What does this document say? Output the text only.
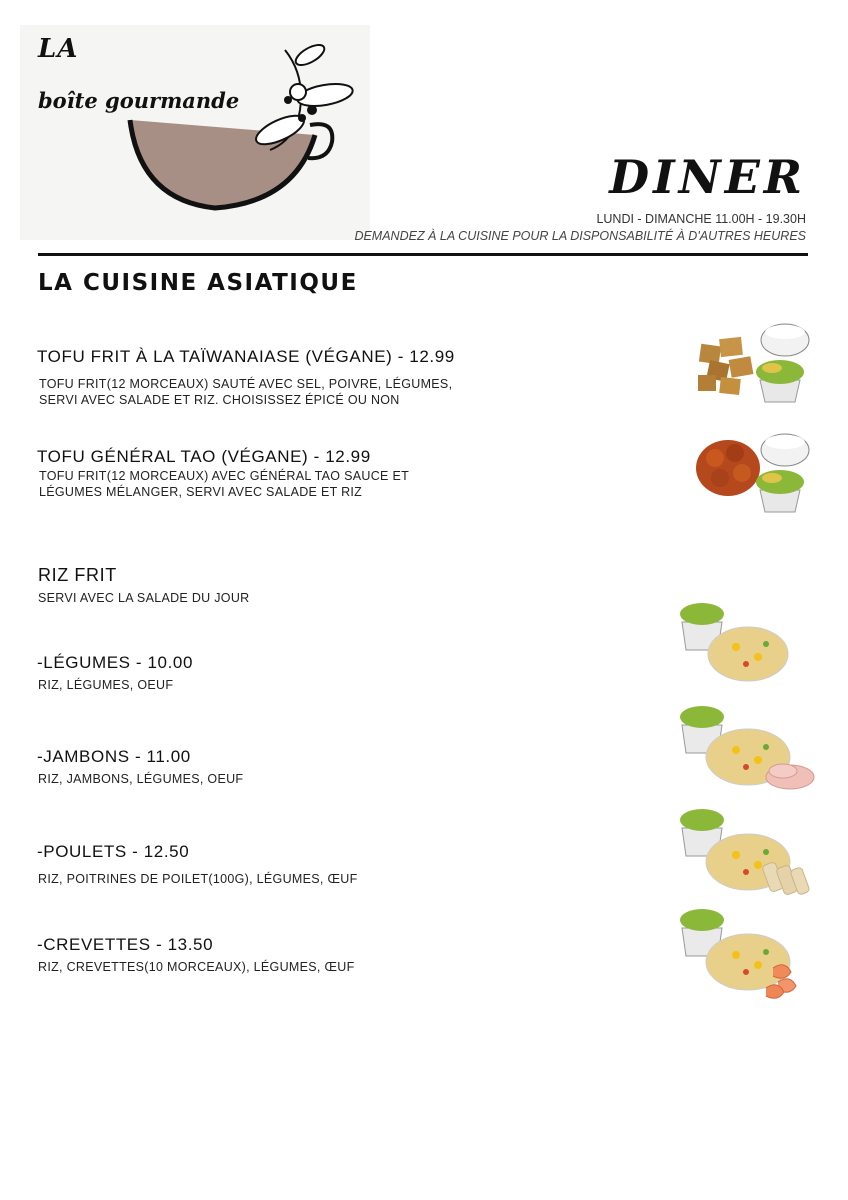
LA
boîte gourmande
DINER
LUNDI - DIMANCHE 11.00H - 19.30H
DEMANDEZ À LA CUISINE POUR LA DISPONSABILITÉ À D'AUTRES HEURES
LA CUISINE ASIATIQUE
TOFU FRIT À LA TAÏWANAIASE (VÉGANE) - 12.99
TOFU FRIT(12 MORCEAUX) SAUTÉ AVEC SEL, POIVRE, LÉGUMES,
SERVI AVEC SALADE ET RIZ. CHOISISSEZ ÉPICÉ OU NON
TOFU GÉNÉRAL TAO (VÉGANE) - 12.99
TOFU FRIT(12 MORCEAUX) AVEC GÉNÉRAL TAO SAUCE ET
LÉGUMES MÉLANGER, SERVI AVEC SALADE ET RIZ
RIZ FRIT
SERVI AVEC LA SALADE DU JOUR
-LÉGUMES - 10.00
RIZ, LÉGUMES, OEUF
-JAMBONS - 11.00
RIZ, JAMBONS, LÉGUMES, OEUF
-POULETS - 12.50
RIZ, POITRINES DE POILET(100G), LÉGUMES, ŒUF
-CREVETTES - 13.50
RIZ, CREVETTES(10 MORCEAUX), LÉGUMES, ŒUF
